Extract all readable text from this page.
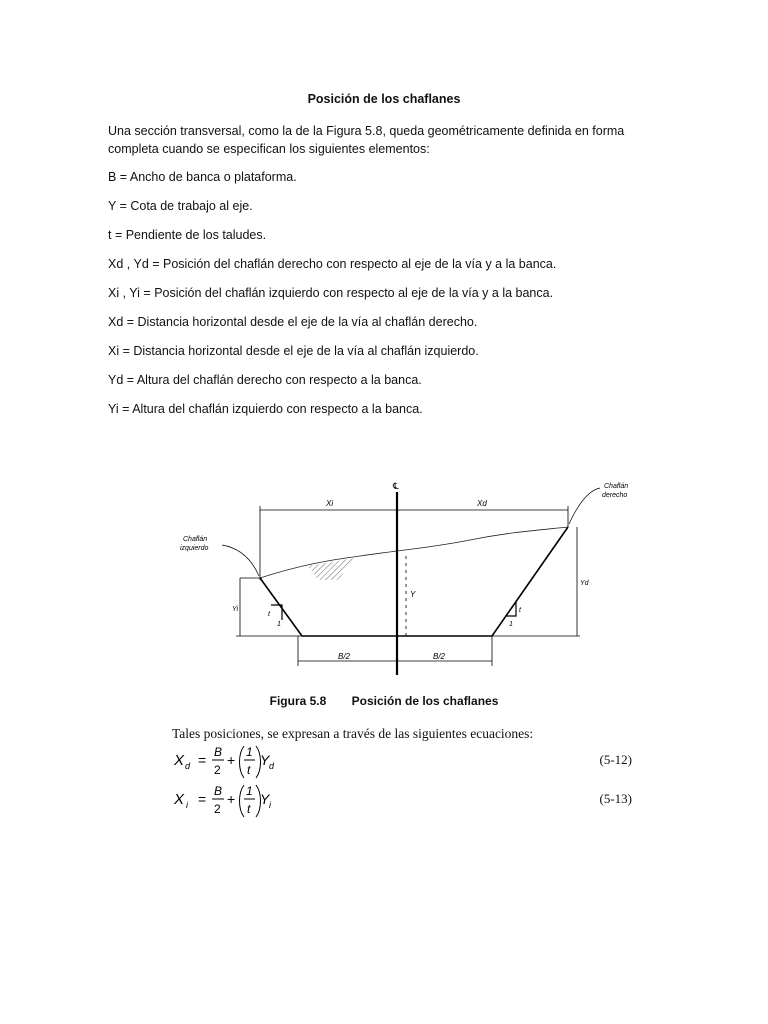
Posición de los chaflanes
Una sección transversal, como la de la Figura 5.8, queda geométricamente definida en forma
completa cuando se especifican los siguientes elementos:
B = Ancho de banca o plataforma.
Y = Cota de trabajo al eje.
t = Pendiente de los taludes.
Xd , Yd = Posición del chaflán derecho con respecto al eje de la vía y a la banca.
Xi , Yi = Posición del chaflán izquierdo con respecto al eje de la vía y a la banca.
Xd = Distancia horizontal desde el eje de la vía al chaflán derecho.
Xi = Distancia horizontal desde el eje de la vía al chaflán izquierdo.
Yd = Altura del chaflán derecho con respecto a la banca.
Yi = Altura del chaflán izquierdo con respecto a la banca.
Xi	Xd
℄
Y
Yi
Yd
t
1
t
1
B/2	B/2
Chaflán
derecho
Chaflán
izquierdo
Figura 5.8 Posición de los chaflanes
Tales posiciones, se expresan a través de las siguientes ecuaciones:
X d = B
2
+ 1
t
Y d	(5-12)
X i = B
2
+ 1
t
Y i	(5-13)
